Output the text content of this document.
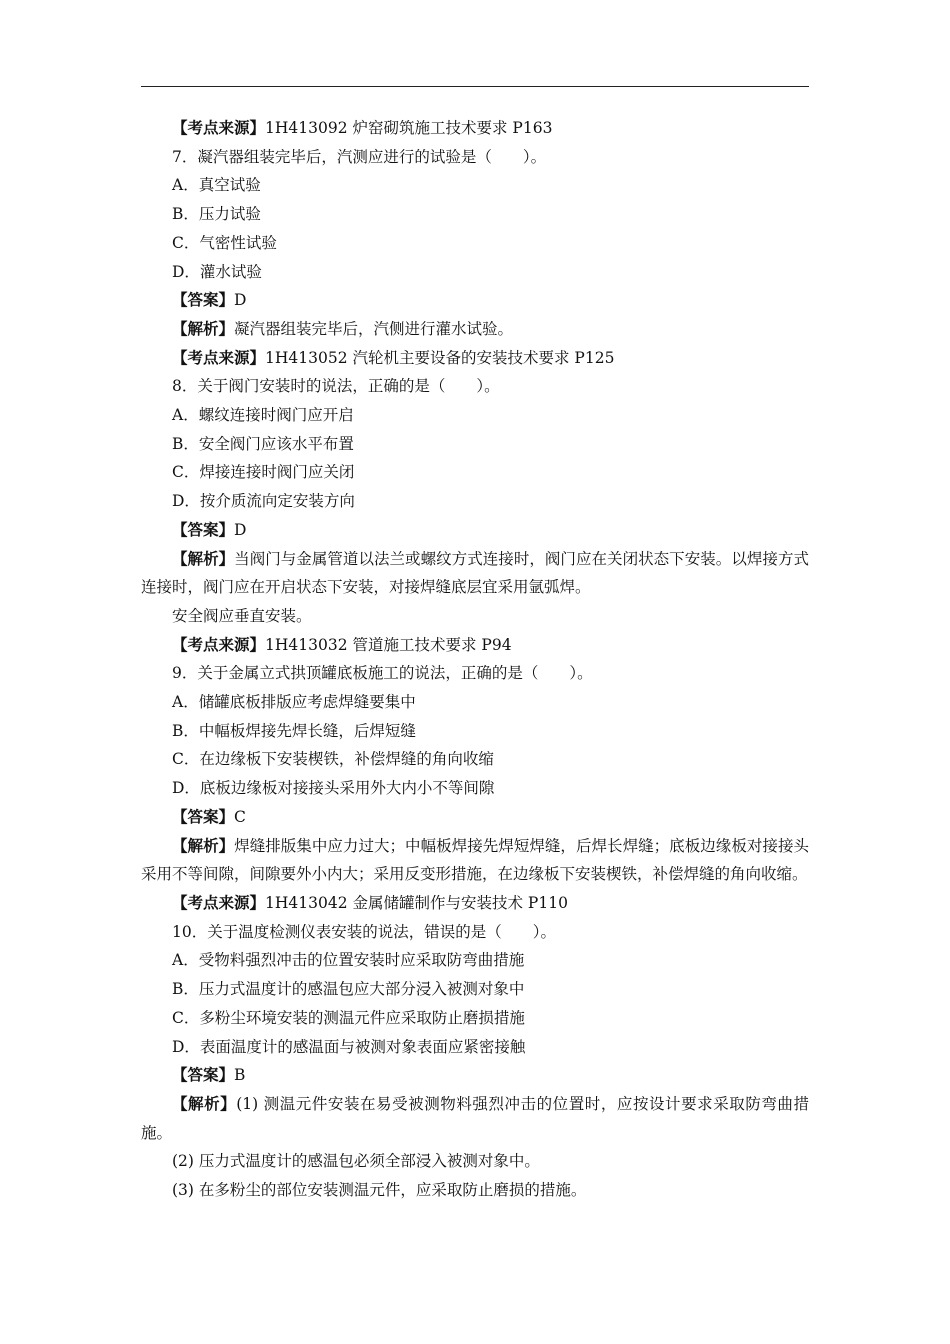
【考点来源】1H413092 炉窑砌筑施工技术要求 P163
7．凝汽器组装完毕后，汽测应进行的试验是（　　）。
A．真空试验
B．压力试验
C．气密性试验
D．灌水试验
【答案】D
【解析】凝汽器组装完毕后，汽侧进行灌水试验。
【考点来源】1H413052 汽轮机主要设备的安装技术要求 P125
8．关于阀门安装时的说法，正确的是（　　）。
A．螺纹连接时阀门应开启
B．安全阀门应该水平布置
C．焊接连接时阀门应关闭
D．按介质流向定安装方向
【答案】D
【解析】当阀门与金属管道以法兰或螺纹方式连接时，阀门应在关闭状态下安装。以焊接方式连接时，阀门应在开启状态下安装，对接焊缝底层宜采用氩弧焊。
安全阀应垂直安装。
【考点来源】1H413032 管道施工技术要求 P94
9．关于金属立式拱顶罐底板施工的说法，正确的是（　　）。
A．储罐底板排版应考虑焊缝要集中
B．中幅板焊接先焊长缝，后焊短缝
C．在边缘板下安装楔铁，补偿焊缝的角向收缩
D．底板边缘板对接接头采用外大内小不等间隙
【答案】C
【解析】焊缝排版集中应力过大；中幅板焊接先焊短焊缝，后焊长焊缝；底板边缘板对接接头采用不等间隙，间隙要外小内大；采用反变形措施，在边缘板下安装楔铁，补偿焊缝的角向收缩。
【考点来源】1H413042 金属储罐制作与安装技术 P110
10．关于温度检测仪表安装的说法，错误的是（　　）。
A．受物料强烈冲击的位置安装时应采取防弯曲措施
B．压力式温度计的感温包应大部分浸入被测对象中
C．多粉尘环境安装的测温元件应采取防止磨损措施
D．表面温度计的感温面与被测对象表面应紧密接触
【答案】B
【解析】(1) 测温元件安装在易受被测物料强烈冲击的位置时，应按设计要求采取防弯曲措施。
(2) 压力式温度计的感温包必须全部浸入被测对象中。
(3) 在多粉尘的部位安装测温元件，应采取防止磨损的措施。
